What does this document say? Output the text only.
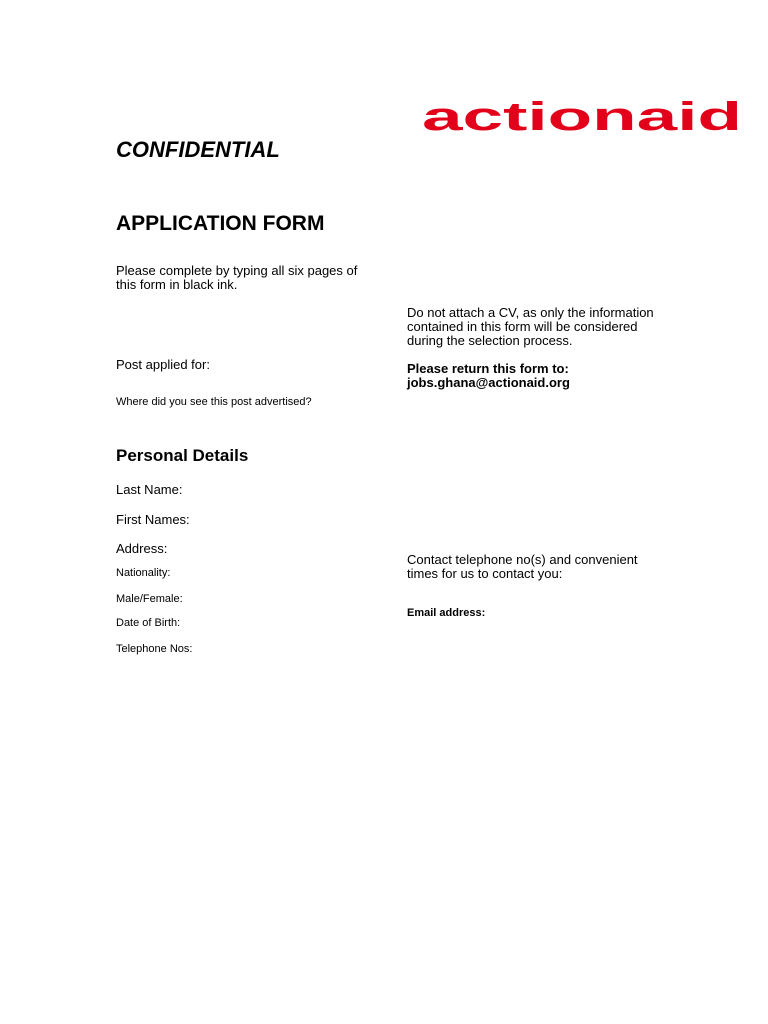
actionaid
CONFIDENTIAL
APPLICATION FORM
Please complete by typing all six pages of this form in black ink.
Do not attach a CV, as only the information contained in this form will be considered during the selection process.
Please return this form to:
jobs.ghana@actionaid.org
Post applied for:
Where did you see this post advertised?
Personal Details
Last Name:
First Names:
Address:
Nationality:
Male/Female:
Date of Birth:
Telephone Nos:
Contact telephone no(s) and convenient times for us to contact you:
Email address:
